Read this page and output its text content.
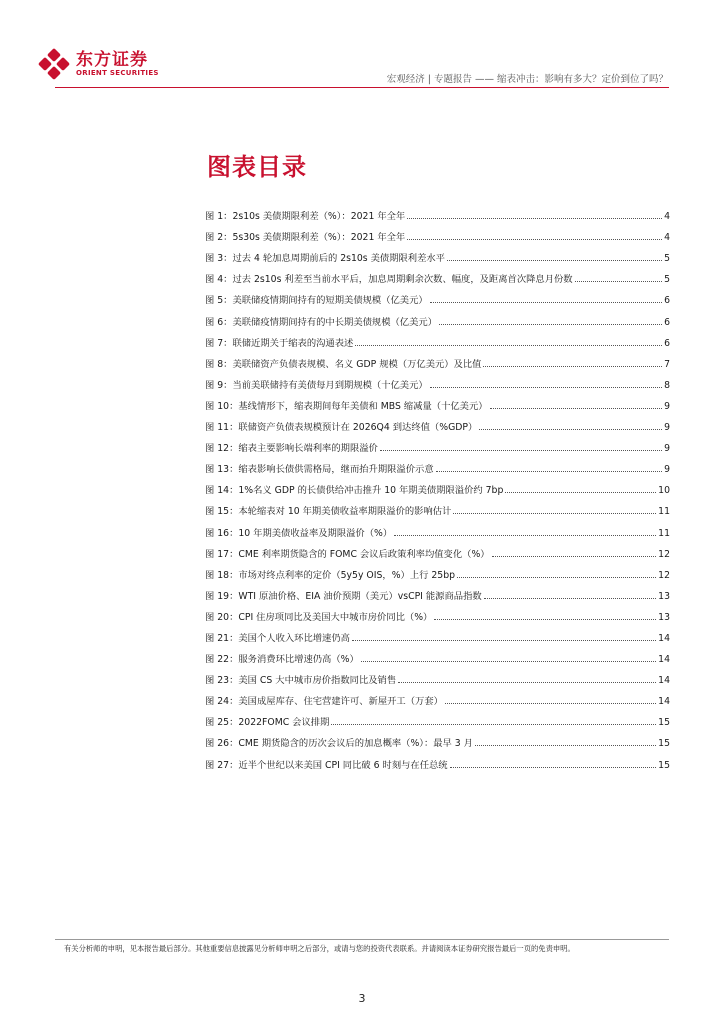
东方证券
ORIENT SECURITIES
宏观经济 | 专题报告 —— 缩表冲击：影响有多大？定价到位了吗？
图表目录
图 1：2s10s 美债期限利差（%）：2021 年全年	4
图 2：5s30s 美债期限利差（%）：2021 年全年	4
图 3：过去 4 轮加息周期前后的 2s10s 美债期限利差水平	5
图 4：过去 2s10s 利差至当前水平后，加息周期剩余次数、幅度，及距离首次降息月份数	5
图 5：美联储疫情期间持有的短期美债规模（亿美元）	6
图 6：美联储疫情期间持有的中长期美债规模（亿美元）	6
图 7：联储近期关于缩表的沟通表述	6
图 8：美联储资产负债表规模、名义 GDP 规模（万亿美元）及比值	7
图 9：当前美联储持有美债每月到期规模（十亿美元）	8
图 10：基线情形下，缩表期间每年美债和 MBS 缩减量（十亿美元）	9
图 11：联储资产负债表规模预计在 2026Q4 到达终值（%GDP）	9
图 12：缩表主要影响长端利率的期限溢价	9
图 13：缩表影响长债供需格局，继而抬升期限溢价示意	9
图 14：1%名义 GDP 的长债供给冲击推升 10 年期美债期限溢价约 7bp	10
图 15：本轮缩表对 10 年期美债收益率期限溢价的影响估计	11
图 16：10 年期美债收益率及期限溢价（%）	11
图 17：CME 利率期货隐含的 FOMC 会议后政策利率均值变化（%）	12
图 18：市场对终点利率的定价（5y5y OIS，%）上行 25bp	12
图 19：WTI 原油价格、EIA 油价预期（美元）vsCPI 能源商品指数	13
图 20：CPI 住房项同比及美国大中城市房价同比（%）	13
图 21：美国个人收入环比增速仍高	14
图 22：服务消费环比增速仍高（%）	14
图 23：美国 CS 大中城市房价指数同比及销售	14
图 24：美国成屋库存、住宅营建许可、新屋开工（万套）	14
图 25：2022FOMC 会议排期	15
图 26：CME 期货隐含的历次会议后的加息概率（%）：最早 3 月	15
图 27：近半个世纪以来美国 CPI 同比破 6 时刻与在任总统	15
有关分析师的申明，见本报告最后部分。其他重要信息披露见分析师申明之后部分，或请与您的投资代表联系。并请阅读本证券研究报告最后一页的免责申明。
3
